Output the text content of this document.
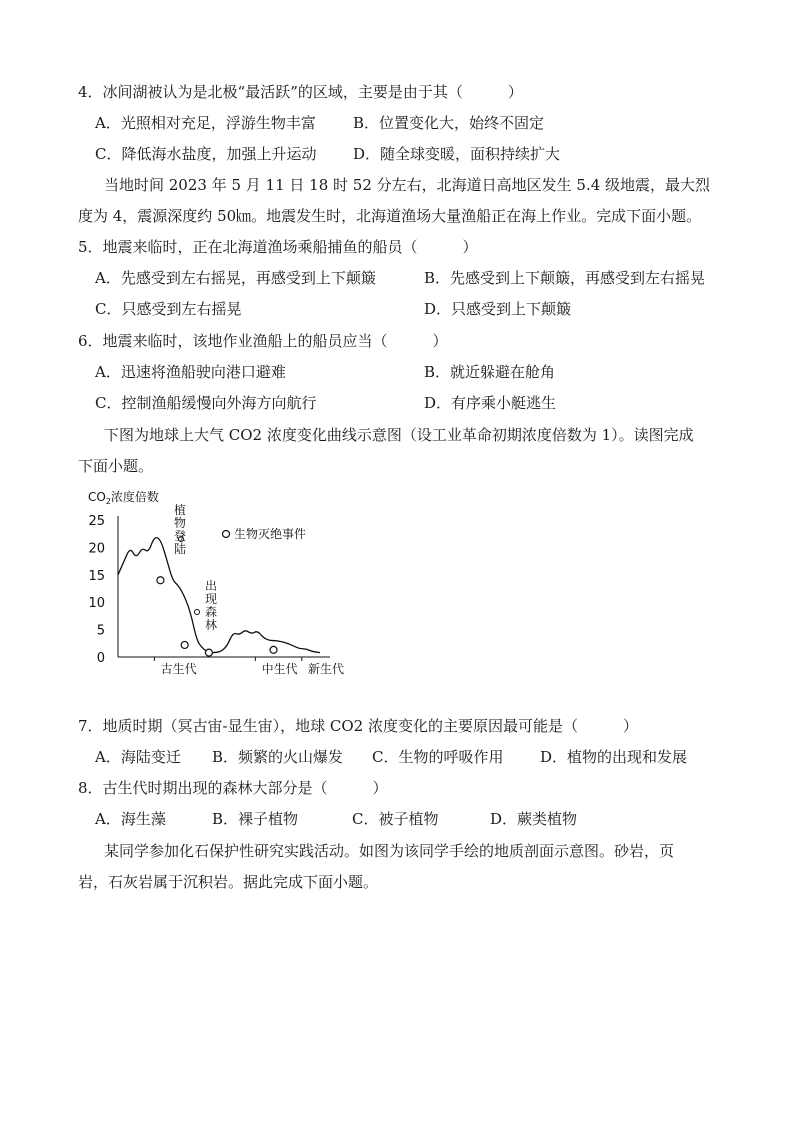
4．冰间湖被认为是北极“最活跃”的区域，主要是由于其（　　　）
A．光照相对充足，浮游生物丰富 B．位置变化大，始终不固定
C．降低海水盐度，加强上升运动 D．随全球变暖，面积持续扩大
当地时间 2023 年 5 月 11 日 18 时 52 分左右，北海道日高地区发生 5.4 级地震，最大烈
度为 4，震源深度约 50㎞。地震发生时，北海道渔场大量渔船正在海上作业。完成下面小题。
5．地震来临时，正在北海道渔场乘船捕鱼的船员（　　　）
A．先感受到左右摇晃，再感受到上下颠簸	B．先感受到上下颠簸，再感受到左右摇晃
C．只感受到左右摇晃	D．只感受到上下颠簸
6．地震来临时，该地作业渔船上的船员应当（　　　）
A．迅速将渔船驶向港口避难	B．就近躲避在舱角
C．控制渔船缓慢向外海方向航行	D．有序乘小艇逃生
下图为地球上大气 CO2 浓度变化曲线示意图（设工业革命初期浓度倍数为 1）。读图完成
下面小题。
$CO_2$浓度倍数
25
20
15
10
5
0
古生代	中生代 新生代
植物登陆
出现森林
生物灭绝事件
7．地质时期（冥古宙-显生宙），地球 CO2 浓度变化的主要原因最可能是（　　　）
A．海陆变迁 B．频繁的火山爆发 C．生物的呼吸作用 D．植物的出现和发展
8．古生代时期出现的森林大部分是（　　　）
A．海生藻	B．裸子植物	C．被子植物	D．蕨类植物
某同学参加化石保护性研究实践活动。如图为该同学手绘的地质剖面示意图。砂岩，页
岩，石灰岩属于沉积岩。据此完成下面小题。
